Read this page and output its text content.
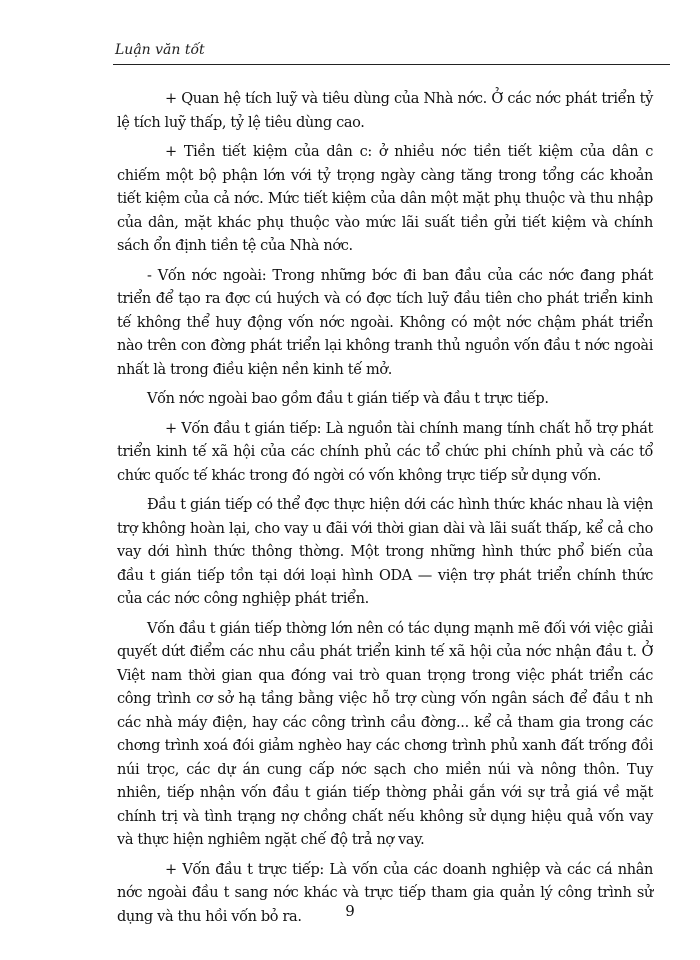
Luận văn tốt

+ Quan hệ tích luỹ và tiêu dùng của Nhà nớc. Ở các nớc phát triển tỷ lệ tích luỹ thấp, tỷ lệ tiêu dùng cao.

+ Tiền tiết kiệm của dân c: ở nhiều nớc tiền tiết kiệm của dân c chiếm một bộ phận lớn với tỷ trọng ngày càng tăng trong tổng các khoản tiết kiệm của cả nớc. Mức tiết kiệm của dân một mặt phụ thuộc và thu nhập của dân, mặt khác phụ thuộc vào mức lãi suất tiền gửi tiết kiệm và chính sách ổn định tiền tệ của Nhà nớc.

- Vốn nớc ngoài: Trong những bớc đi ban đầu của các nớc đang phát triển để tạo ra đợc cú huých và có đợc tích luỹ đầu tiên cho phát triển kinh tế không thể huy động vốn nớc ngoài. Không có một nớc chậm phát triển nào trên con đờng phát triển lại không tranh thủ nguồn vốn đầu t nớc ngoài nhất là trong điều kiện nền kinh tế mở.

Vốn nớc ngoài bao gồm đầu t gián tiếp và đầu t trực tiếp.

+ Vốn đầu t gián tiếp: Là nguồn tài chính mang tính chất hỗ trợ phát triển kinh tế xã hội của các chính phủ các tổ chức phi chính phủ và các tổ chức quốc tế khác trong đó ngời có vốn không trực tiếp sử dụng vốn.

Đầu t gián tiếp có thể đợc thực hiện dới các hình thức khác nhau là viện trợ không hoàn lại, cho vay u đãi với thời gian dài và lãi suất thấp, kể cả cho vay dới hình thức thông thờng. Một trong những hình thức phổ biến của đầu t gián tiếp tồn tại dới loại hình ODA — viện trợ phát triển chính thức của các nớc công nghiệp phát triển.

Vốn đầu t gián tiếp thờng lớn nên có tác dụng mạnh mẽ đối với việc giải quyết dứt điểm các nhu cầu phát triển kinh tế xã hội của nớc nhận đầu t. Ở Việt nam thời gian qua đóng vai trò quan trọng trong việc phát triển các công trình cơ sở hạ tầng bằng việc hỗ trợ cùng vốn ngân sách để đầu t nh các nhà máy điện, hay các công trình cầu đờng... kể cả tham gia trong các chơng trình xoá đói giảm nghèo hay các chơng trình phủ xanh đất trống đồi núi trọc, các dự án cung cấp nớc sạch cho miền núi và nông thôn. Tuy nhiên, tiếp nhận vốn đầu t gián tiếp thờng phải gắn với sự trả giá về mặt chính trị và tình trạng nợ chồng chất nếu không sử dụng hiệu quả vốn vay và thực hiện nghiêm ngặt chế độ trả nợ vay.

+ Vốn đầu t trực tiếp: Là vốn của các doanh nghiệp và các cá nhân nớc ngoài đầu t sang nớc khác và trực tiếp tham gia quản lý công trình sử dụng và thu hồi vốn bỏ ra.	9
